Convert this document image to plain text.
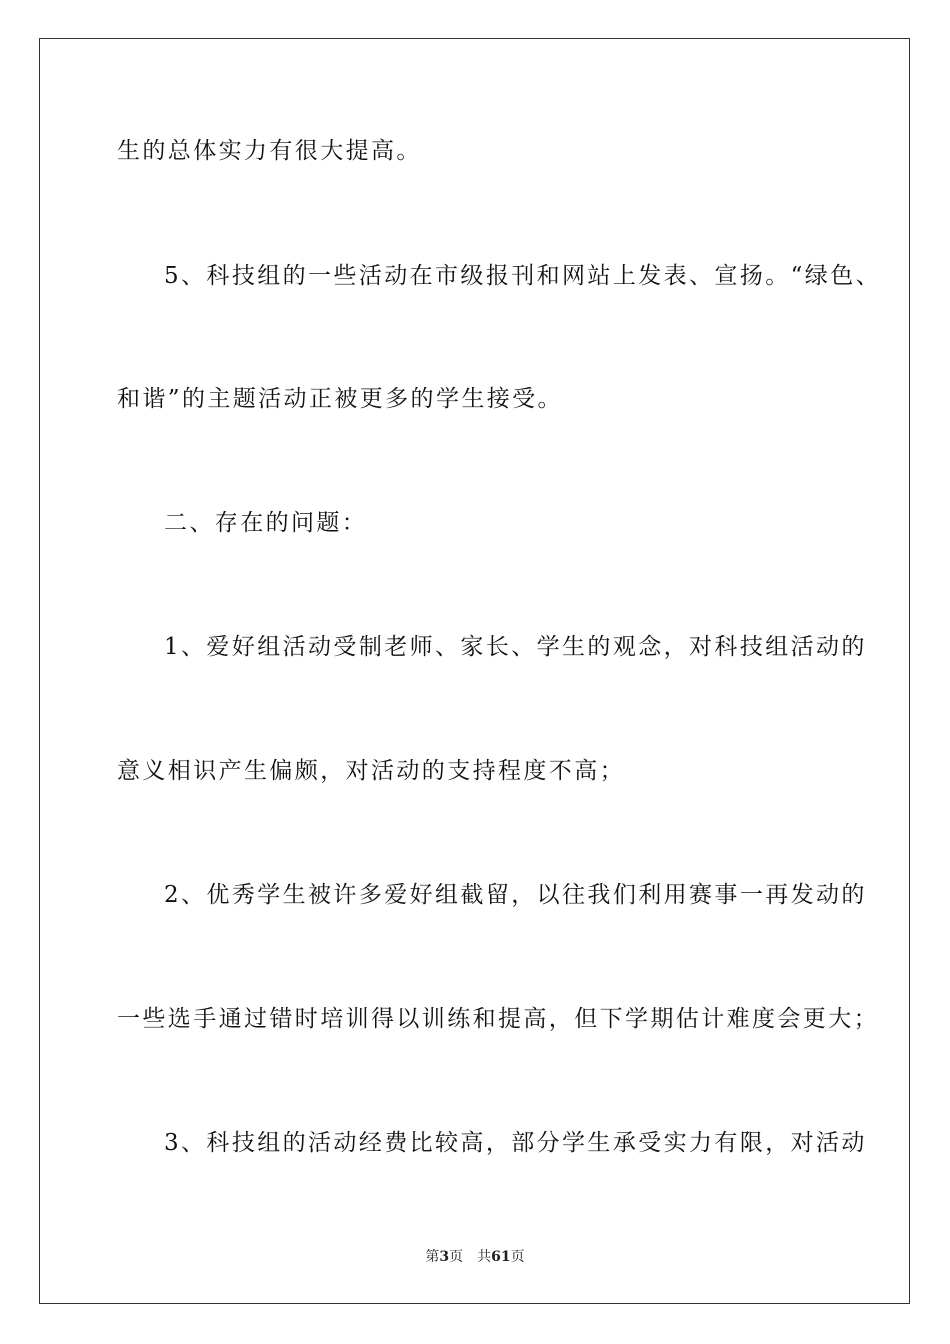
生的总体实力有很大提高。
5、科技组的一些活动在市级报刊和网站上发表、宣扬。“绿色、
和谐”的主题活动正被更多的学生接受。
二、存在的问题：
1、爱好组活动受制老师、家长、学生的观念，对科技组活动的
意义相识产生偏颇，对活动的支持程度不高；
2、优秀学生被许多爱好组截留，以往我们利用赛事一再发动的
一些选手通过错时培训得以训练和提高，但下学期估计难度会更大；
3、科技组的活动经费比较高，部分学生承受实力有限，对活动
第3页 共61页
